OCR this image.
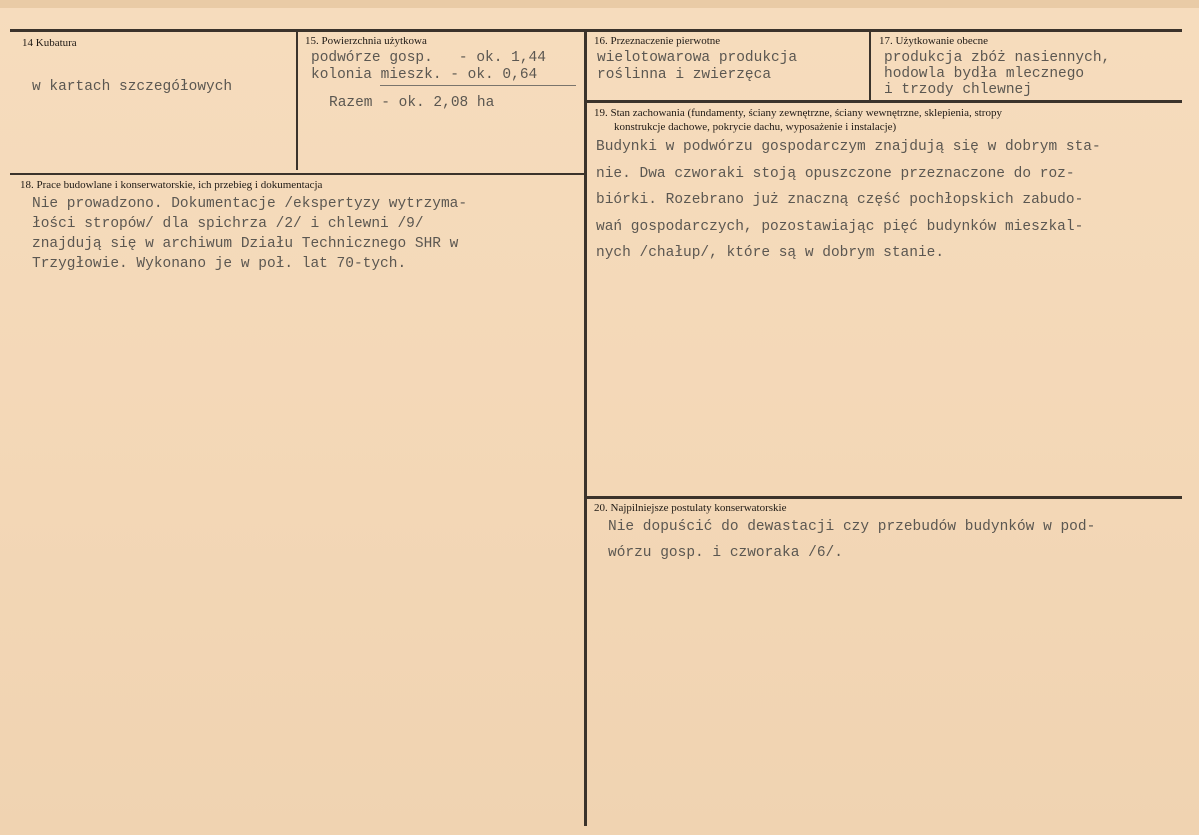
14 Kubatura
w kartach szczegółowych
15. Powierzchnia użytkowa
podwórze gosp.   - ok. 1,44
kolonia mieszk. - ok. 0,64
Razem - ok. 2,08 ha
16. Przeznaczenie pierwotne
wielotowarowa produkcja
roślinna i zwierzęca
17. Użytkowanie obecne
produkcja zbóż nasiennych,
hodowla bydła mlecznego
i trzody chlewnej
19. Stan zachowania (fundamenty, ściany zewnętrzne, ściany wewnętrzne, sklepienia, stropy
konstrukcje dachowe, pokrycie dachu, wyposażenie i instalacje)
Budynki w podwórzu gospodarczym znajdują się w dobrym sta-
nie. Dwa czworaki stoją opuszczone przeznaczone do roz-
biórki. Rozebrano już znaczną część pochłopskich zabudo-
wań gospodarczych, pozostawiając pięć budynków mieszkal-
nych /chałup/, które są w dobrym stanie.
18. Prace budowlane i konserwatorskie, ich przebieg i dokumentacja
Nie prowadzono. Dokumentacje /ekspertyzy wytrzyma-
łości stropów/ dla spichrza /2/ i chlewni /9/
znajdują się w archiwum Działu Technicznego SHR w
Trzygłowie. Wykonano je w poł. lat 70-tych.
20. Najpilniejsze postulaty konserwatorskie
Nie dopuścić do dewastacji czy przebudów budynków w pod-
wórzu gosp. i czworaka /6/.
